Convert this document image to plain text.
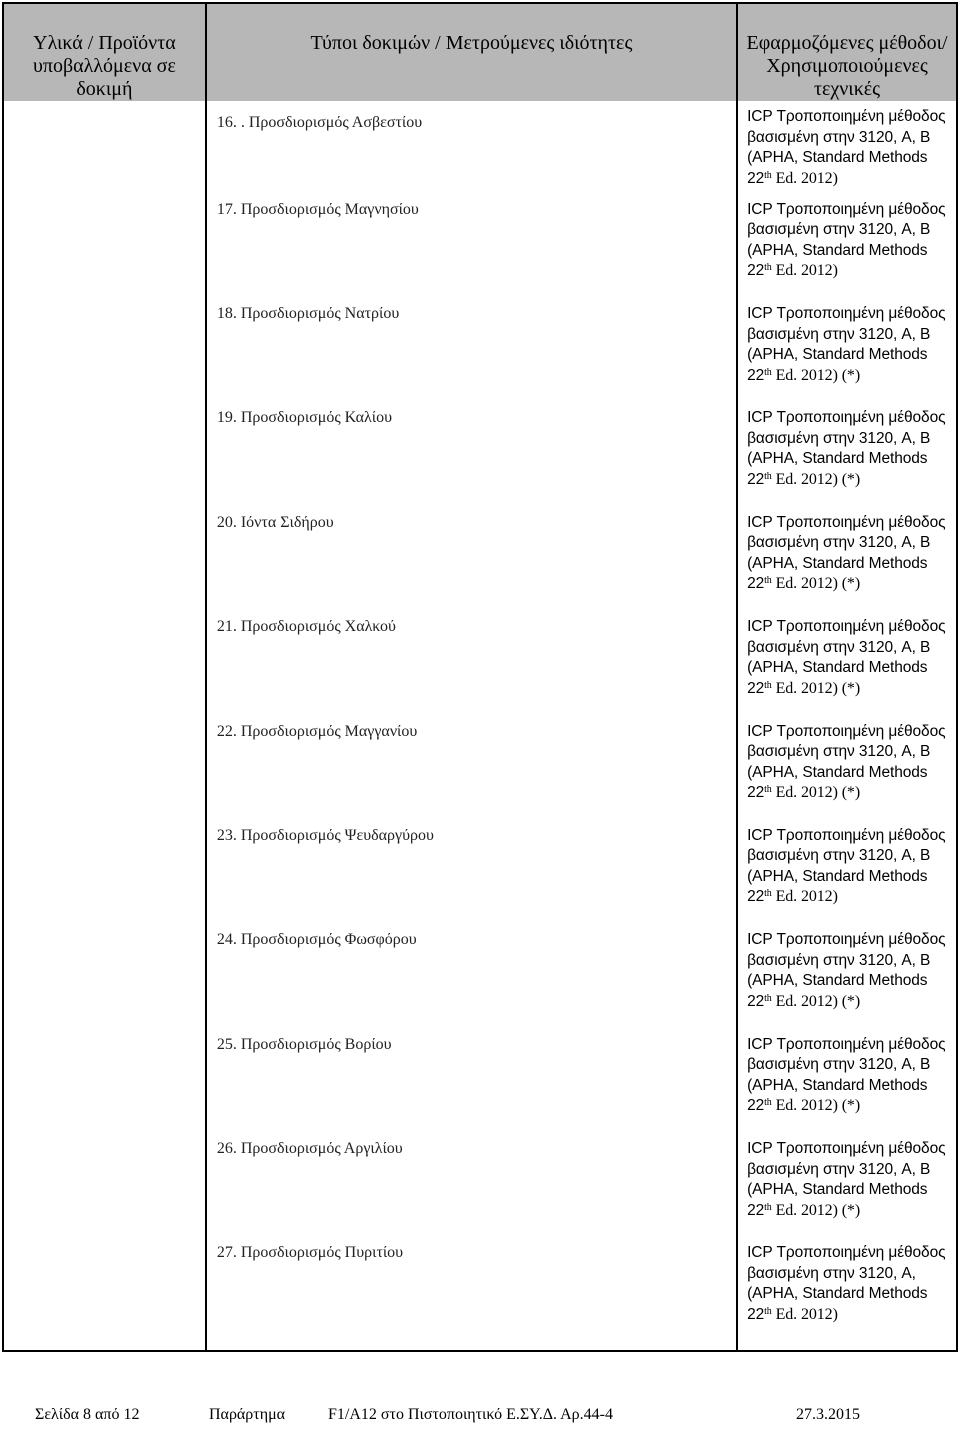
Υλικά / Προϊόντα
υποβαλλόμενα σε
δοκιμή	Τύποι δοκιμών / Μετρούμενες ιδιότητες	Εφαρμοζόμενες μέθοδοι/
Χρησιμοποιούμενες
τεχνικές
	16. . Προσδιορισμός Ασβεστίου	ICP Τροποποιημένη μέθοδος
βασισμένη στην 3120, A, B
(APHA, Standard Methods
22th Ed. 2012)

	17. Προσδιορισμός Μαγνησίου	ICP Τροποποιημένη μέθοδος
βασισμένη στην 3120, A, B
(APHA, Standard Methods
22th Ed. 2012)

	18. Προσδιορισμός Νατρίου	ICP Τροποποιημένη μέθοδος
βασισμένη στην 3120, A, B
(APHA, Standard Methods
22th Ed. 2012) (*)

	19. Προσδιορισμός Καλίου	ICP Τροποποιημένη μέθοδος
βασισμένη στην 3120, A, B
(APHA, Standard Methods
22th Ed. 2012) (*)

	20. Ιόντα Σιδήρου	ICP Τροποποιημένη μέθοδος
βασισμένη στην 3120, A, B
(APHA, Standard Methods
22th Ed. 2012) (*)

	21. Προσδιορισμός Χαλκού	ICP Τροποποιημένη μέθοδος
βασισμένη στην 3120, A, B
(APHA, Standard Methods
22th Ed. 2012) (*)

	22. Προσδιορισμός Μαγγανίου	ICP Τροποποιημένη μέθοδος
βασισμένη στην 3120, A, B
(APHA, Standard Methods
22th Ed. 2012) (*)

	23. Προσδιορισμός Ψευδαργύρου	ICP Τροποποιημένη μέθοδος
βασισμένη στην 3120, A, B
(APHA, Standard Methods
22th Ed. 2012)

	24. Προσδιορισμός Φωσφόρου	ICP Τροποποιημένη μέθοδος
βασισμένη στην 3120, A, B
(APHA, Standard Methods
22th Ed. 2012) (*)

	25. Προσδιορισμός Βορίου	ICP Τροποποιημένη μέθοδος
βασισμένη στην 3120, A, B
(APHA, Standard Methods
22th Ed. 2012) (*)

	26. Προσδιορισμός Αργιλίου	ICP Τροποποιημένη μέθοδος
βασισμένη στην 3120, A, B
(APHA, Standard Methods
22th Ed. 2012) (*)

	27. Προσδιορισμός Πυριτίου	ICP Τροποποιημένη μέθοδος
βασισμένη στην 3120, A,
(APHA, Standard Methods
22th Ed. 2012)
Σελίδα 8 από 12	Παράρτημα	F1/A12 στο Πιστοποιητικό Ε.ΣΥ.Δ. Αρ.44-4	27.3.2015
